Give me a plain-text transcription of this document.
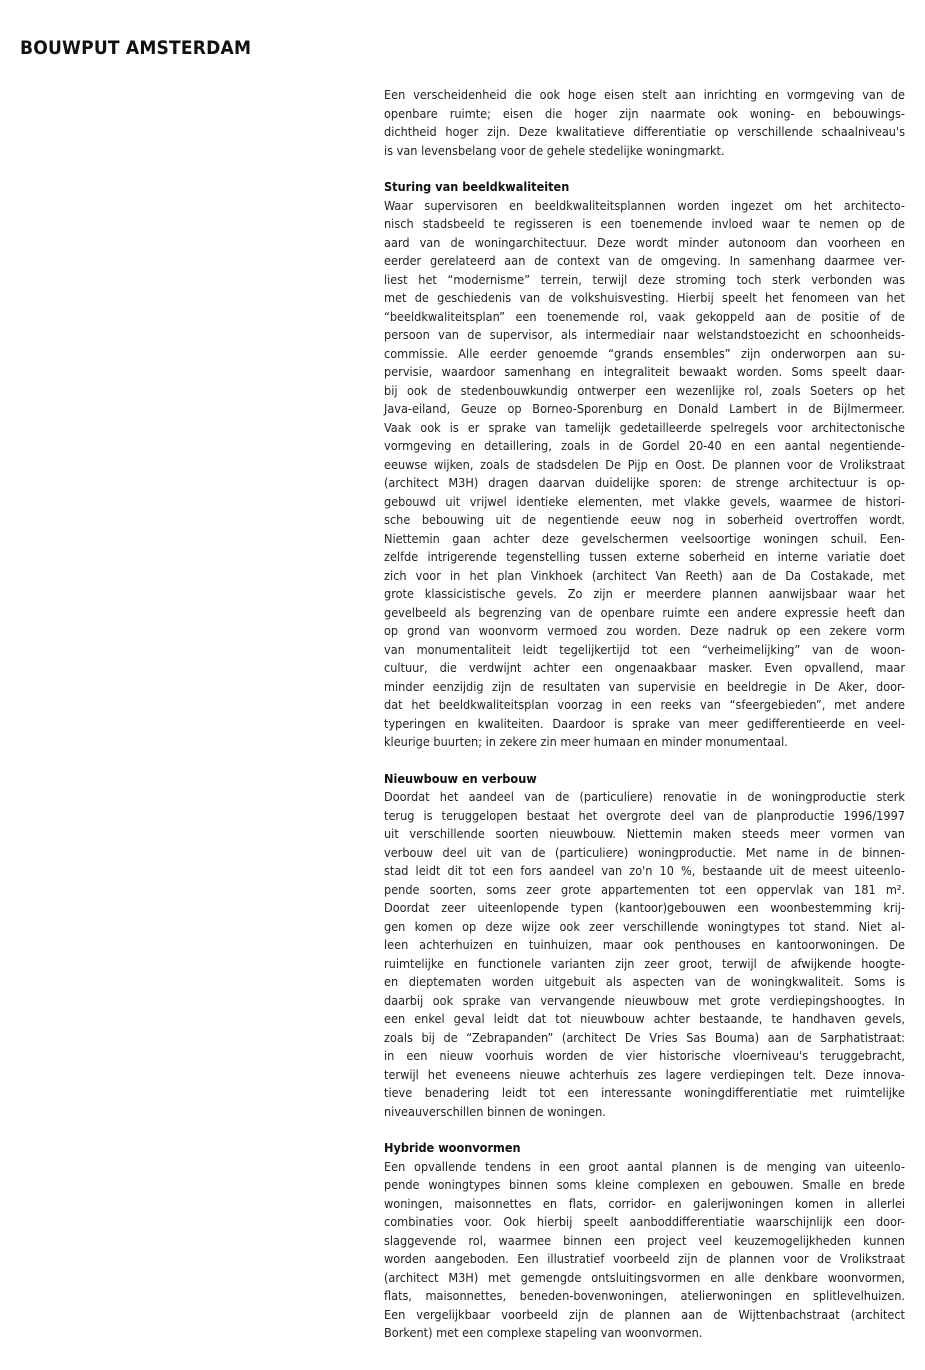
BOUWPUT AMSTERDAM
Een verscheidenheid die ook hoge eisen stelt aan inrichting en vormgeving van de
openbare ruimte; eisen die hoger zijn naarmate ook woning- en bebouwings-
dichtheid hoger zijn. Deze kwalitatieve differentiatie op verschillende schaalniveau's
is van levensbelang voor de gehele stedelijke woningmarkt.
Sturing van beeldkwaliteiten
Waar supervisoren en beeldkwaliteitsplannen worden ingezet om het architecto-
nisch stadsbeeld te regisseren is een toenemende invloed waar te nemen op de
aard van de woningarchitectuur. Deze wordt minder autonoom dan voorheen en
eerder gerelateerd aan de context van de omgeving. In samenhang daarmee ver-
liest het “modernisme” terrein, terwijl deze stroming toch sterk verbonden was
met de geschiedenis van de volkshuisvesting. Hierbij speelt het fenomeen van het
“beeldkwaliteitsplan” een toenemende rol, vaak gekoppeld aan de positie of de
persoon van de supervisor, als intermediair naar welstandstoezicht en schoonheids-
commissie. Alle eerder genoemde “grands ensembles” zijn onderworpen aan su-
pervisie, waardoor samenhang en integraliteit bewaakt worden. Soms speelt daar-
bij ook de stedenbouwkundig ontwerper een wezenlijke rol, zoals Soeters op het
Java-eiland, Geuze op Borneo-Sporenburg en Donald Lambert in de Bijlmermeer.
Vaak ook is er sprake van tamelijk gedetailleerde spelregels voor architectonische
vormgeving en detaillering, zoals in de Gordel 20-40 en een aantal negentiende-
eeuwse wijken, zoals de stadsdelen De Pijp en Oost. De plannen voor de Vrolikstraat
(architect M3H) dragen daarvan duidelijke sporen: de strenge architectuur is op-
gebouwd uit vrijwel identieke elementen, met vlakke gevels, waarmee de histori-
sche bebouwing uit de negentiende eeuw nog in soberheid overtroffen wordt.
Niettemin gaan achter deze gevelschermen veelsoortige woningen schuil. Een-
zelfde intrigerende tegenstelling tussen externe soberheid en interne variatie doet
zich voor in het plan Vinkhoek (architect Van Reeth) aan de Da Costakade, met
grote klassicistische gevels. Zo zijn er meerdere plannen aanwijsbaar waar het
gevelbeeld als begrenzing van de openbare ruimte een andere expressie heeft dan
op grond van woonvorm vermoed zou worden. Deze nadruk op een zekere vorm
van monumentaliteit leidt tegelijkertijd tot een “verheimelijking” van de woon-
cultuur, die verdwijnt achter een ongenaakbaar masker. Even opvallend, maar
minder eenzijdig zijn de resultaten van supervisie en beeldregie in De Aker, door-
dat het beeldkwaliteitsplan voorzag in een reeks van “sfeergebieden”, met andere
typeringen en kwaliteiten. Daardoor is sprake van meer gedifferentieerde en veel-
kleurige buurten; in zekere zin meer humaan en minder monumentaal.
Nieuwbouw en verbouw
Doordat het aandeel van de (particuliere) renovatie in de woningproductie sterk
terug is teruggelopen bestaat het overgrote deel van de planproductie 1996/1997
uit verschillende soorten nieuwbouw. Niettemin maken steeds meer vormen van
verbouw deel uit van de (particuliere) woningproductie. Met name in de binnen-
stad leidt dit tot een fors aandeel van zo'n 10 %, bestaande uit de meest uiteenlo-
pende soorten, soms zeer grote appartementen tot een oppervlak van 181 m².
Doordat zeer uiteenlopende typen (kantoor)gebouwen een woonbestemming krij-
gen komen op deze wijze ook zeer verschillende woningtypes tot stand. Niet al-
leen achterhuizen en tuinhuizen, maar ook penthouses en kantoorwoningen. De
ruimtelijke en functionele varianten zijn zeer groot, terwijl de afwijkende hoogte-
en dieptematen worden uitgebuit als aspecten van de woningkwaliteit. Soms is
daarbij ook sprake van vervangende nieuwbouw met grote verdiepingshoogtes. In
een enkel geval leidt dat tot nieuwbouw achter bestaande, te handhaven gevels,
zoals bij de “Zebrapanden” (architect De Vries Sas Bouma) aan de Sarphatistraat:
in een nieuw voorhuis worden de vier historische vloerniveau's teruggebracht,
terwijl het eveneens nieuwe achterhuis zes lagere verdiepingen telt. Deze innova-
tieve benadering leidt tot een interessante woningdifferentiatie met ruimtelijke
niveauverschillen binnen de woningen.
Hybride woonvormen
Een opvallende tendens in een groot aantal plannen is de menging van uiteenlo-
pende woningtypes binnen soms kleine complexen en gebouwen. Smalle en brede
woningen, maisonnettes en flats, corridor- en galerijwoningen komen in allerlei
combinaties voor. Ook hierbij speelt aanboddifferentiatie waarschijnlijk een door-
slaggevende rol, waarmee binnen een project veel keuzemogelijkheden kunnen
worden aangeboden. Een illustratief voorbeeld zijn de plannen voor de Vrolikstraat
(architect M3H) met gemengde ontsluitingsvormen en alle denkbare woonvormen,
flats, maisonnettes, beneden-bovenwoningen, atelierwoningen en splitlevelhuizen.
Een vergelijkbaar voorbeeld zijn de plannen aan de Wijttenbachstraat (architect
Borkent) met een complexe stapeling van woonvormen.
